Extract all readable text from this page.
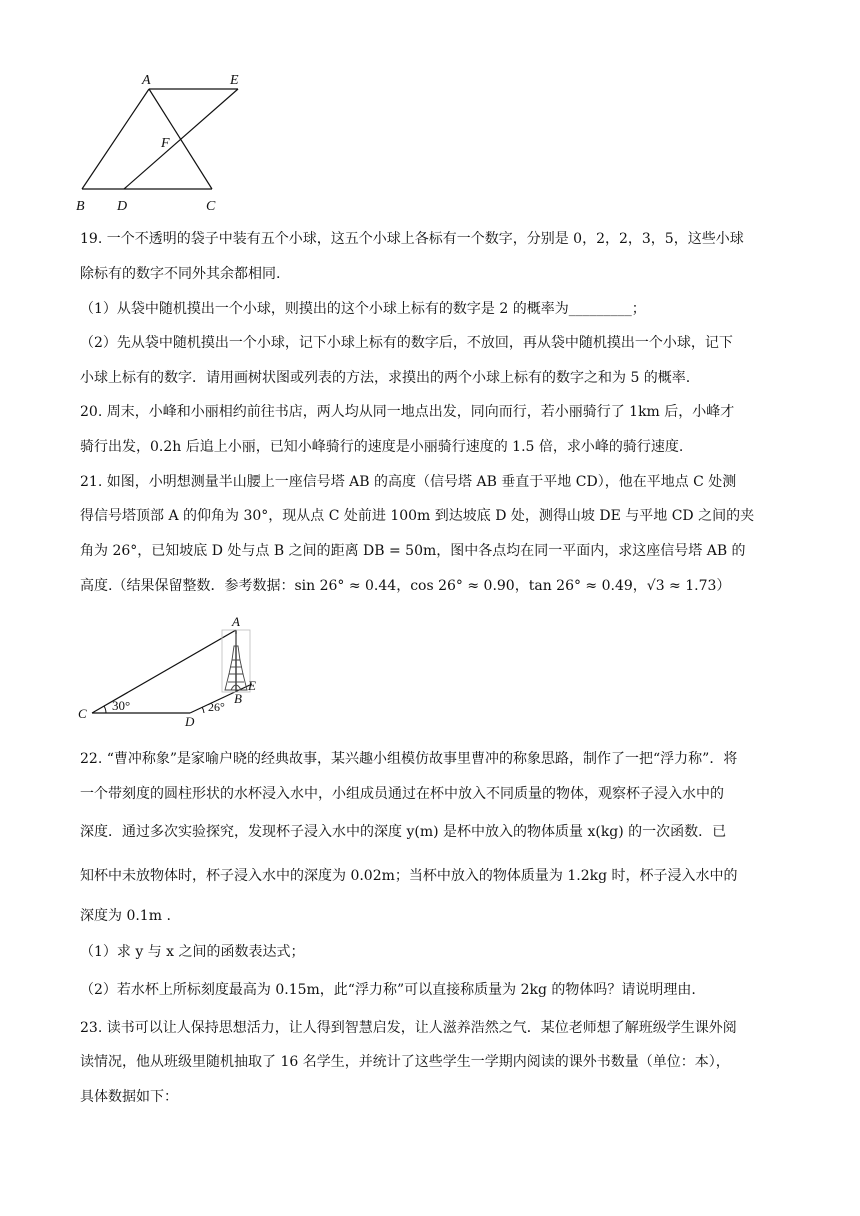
A	E
F
B D	C
19. 一个不透明的袋子中装有五个小球，这五个小球上各标有一个数字，分别是 0，2，2，3，5，这些小球
除标有的数字不同外其余都相同.
（1）从袋中随机摸出一个小球，则摸出的这个小球上标有的数字是 2 的概率为_________；
（2）先从袋中随机摸出一个小球，记下小球上标有的数字后，不放回，再从袋中随机摸出一个小球，记下
小球上标有的数字．请用画树状图或列表的方法，求摸出的两个小球上标有的数字之和为 5 的概率.
20. 周末，小峰和小丽相约前往书店，两人均从同一地点出发，同向而行，若小丽骑行了 1km 后，小峰才
骑行出发，0.2h 后追上小丽，已知小峰骑行的速度是小丽骑行速度的 1.5 倍，求小峰的骑行速度.
21. 如图，小明想测量半山腰上一座信号塔 AB 的高度（信号塔 AB 垂直于平地 CD），他在平地点 C 处测
得信号塔顶部 A 的仰角为 30°，现从点 C 处前进 100m 到达坡底 D 处，测得山坡 DE 与平地 CD 之间的夹
角为 26°，已知坡底 D 处与点 B 之间的距离 DB = 50m，图中各点均在同一平面内，求这座信号塔 AB 的
高度.（结果保留整数．参考数据：sin 26° ≈ 0.44，cos 26° ≈ 0.90，tan 26° ≈ 0.49，√3 ≈ 1.73）
A
E
B
C
D
30°	26°
22. “曹冲称象”是家喻户晓的经典故事，某兴趣小组模仿故事里曹冲的称象思路，制作了一把“浮力称”．将
一个带刻度的圆柱形状的水杯浸入水中，小组成员通过在杯中放入不同质量的物体，观察杯子浸入水中的
深度．通过多次实验探究，发现杯子浸入水中的深度 y(m) 是杯中放入的物体质量 x(kg) 的一次函数．已
知杯中未放物体时，杯子浸入水中的深度为 0.02m；当杯中放入的物体质量为 1.2kg 时，杯子浸入水中的
深度为 0.1m .
（1）求 y 与 x 之间的函数表达式；
（2）若水杯上所标刻度最高为 0.15m，此“浮力称”可以直接称质量为 2kg 的物体吗？请说明理由.
23. 读书可以让人保持思想活力，让人得到智慧启发，让人滋养浩然之气．某位老师想了解班级学生课外阅
读情况，他从班级里随机抽取了 16 名学生，并统计了这些学生一学期内阅读的课外书数量（单位：本），
具体数据如下：
